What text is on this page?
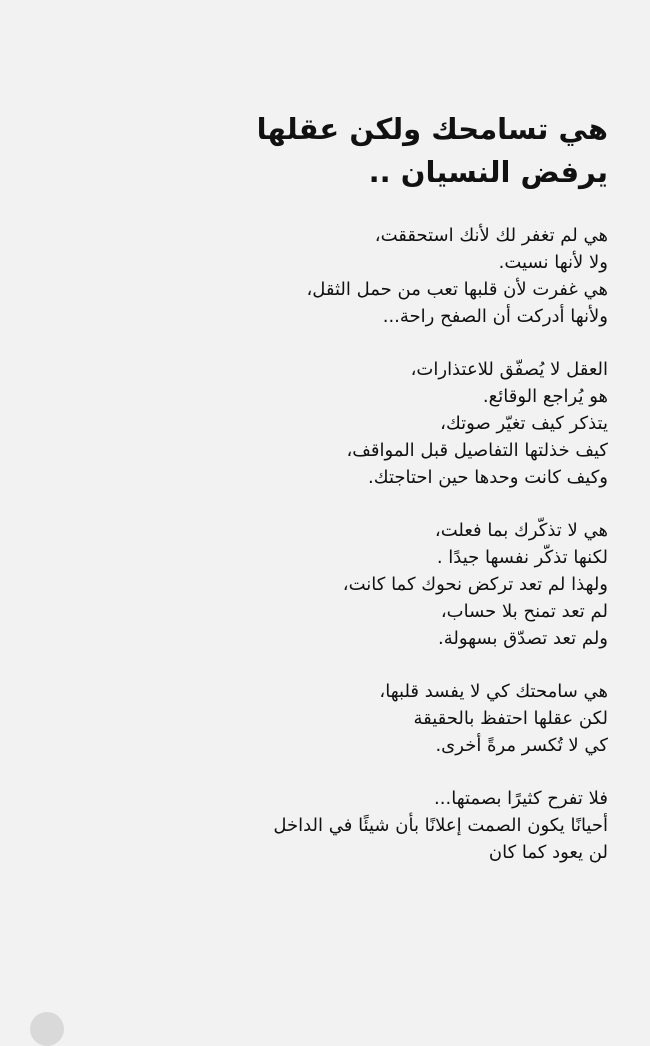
هي تسامحك ولكن عقلها
يرفض النسيان ..
هي لم تغفر لك لأنك استحققت،
ولا لأنها نسيت.
هي غفرت لأن قلبها تعب من حمل الثقل،
ولأنها أدركت أن الصفح راحة...
العقل لا يُصفّق للاعتذارات،
هو يُراجع الوقائع.
يتذكر كيف تغيّر صوتك،
كيف خذلتها التفاصيل قبل المواقف،
وكيف كانت وحدها حين احتاجتك.
هي لا تذكّرك بما فعلت،
لكنها تذكّر نفسها جيدًا .
ولهذا لم تعد تركض نحوك كما كانت،
لم تعد تمنح بلا حساب،
ولم تعد تصدّق بسهولة.
هي سامحتك كي لا يفسد قلبها،
لكن عقلها احتفظ بالحقيقة
كي لا تُكسر مرةً أخرى.
فلا تفرح كثيرًا بصمتها...
أحيانًا يكون الصمت إعلانًا بأن شيئًا في الداخل
لن يعود كما كان
